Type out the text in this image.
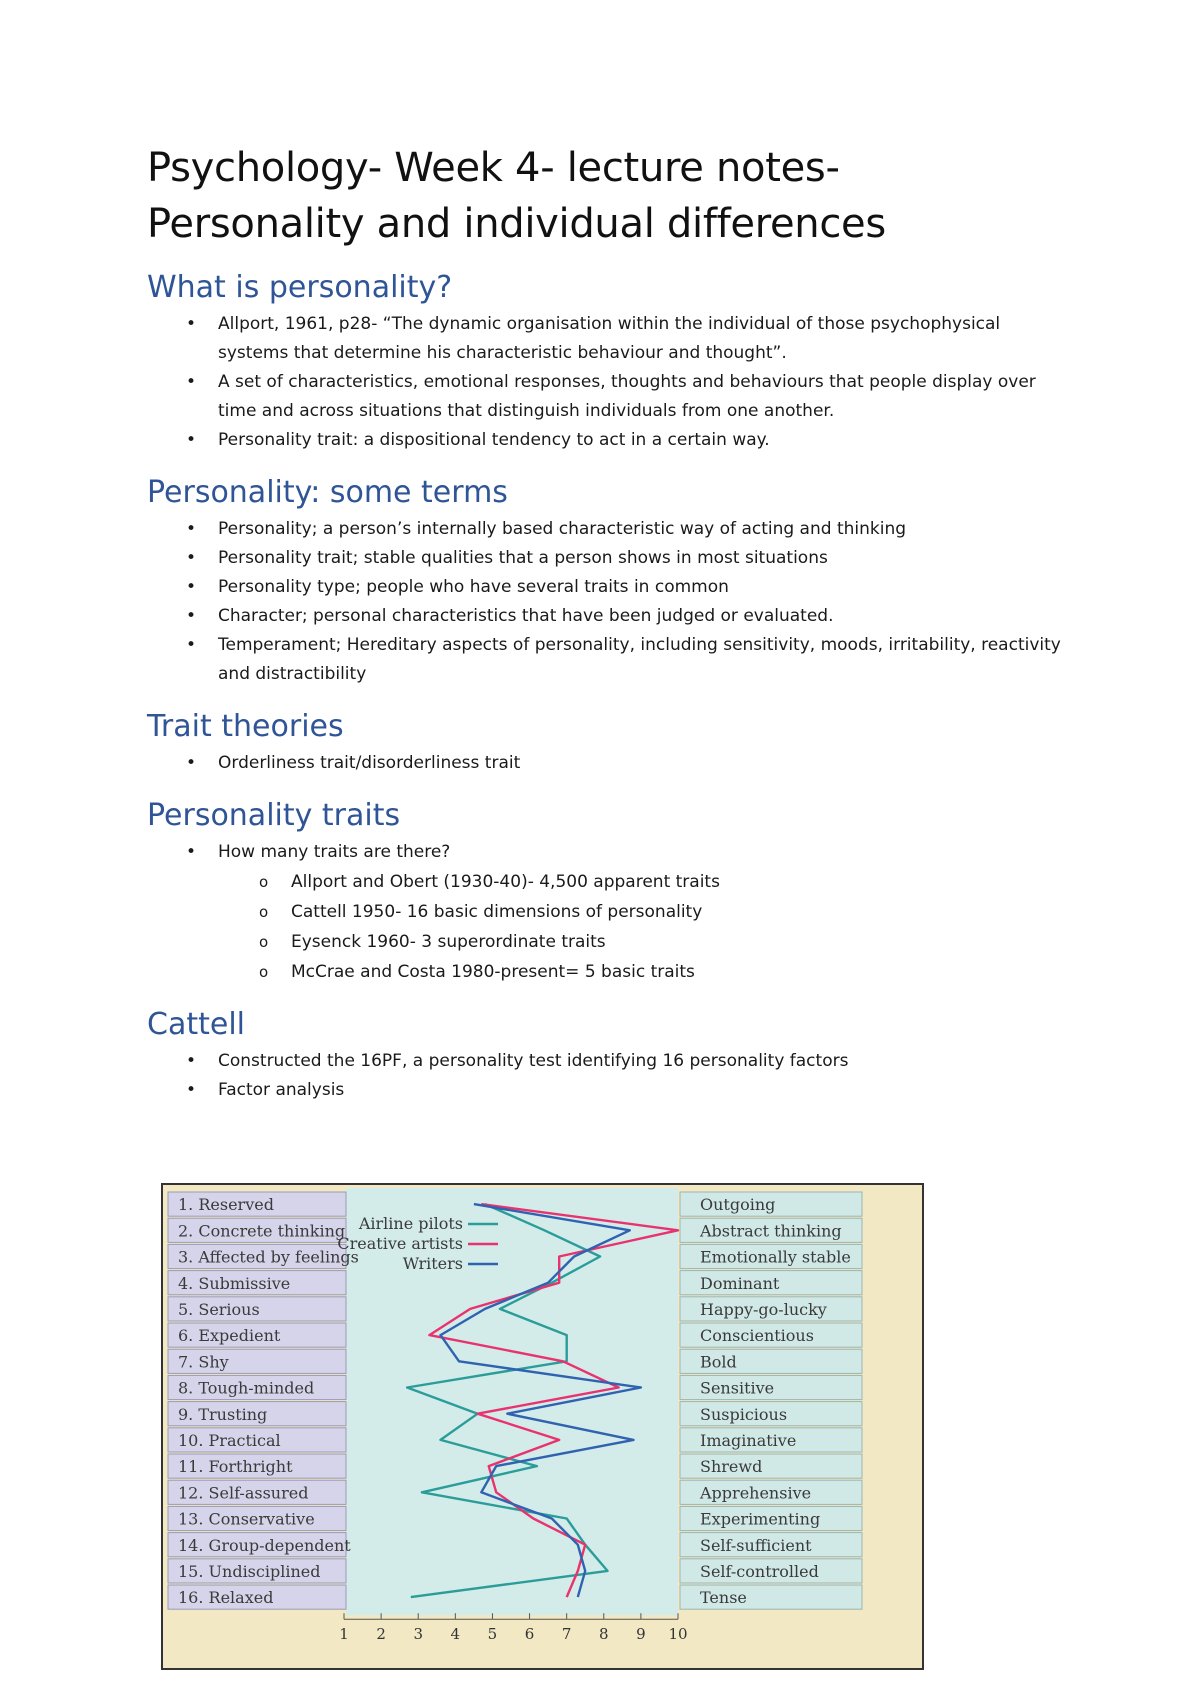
Psychology- Week 4- lecture notes-
Personality and individual differences
What is personality?
• Allport, 1961, p28- “The dynamic organisation within the individual of those psychophysical systems that determine his characteristic behaviour and thought”.
• A set of characteristics, emotional responses, thoughts and behaviours that people display over time and across situations that distinguish individuals from one another.
• Personality trait: a dispositional tendency to act in a certain way.
Personality: some terms
• Personality; a person’s internally based characteristic way of acting and thinking
• Personality trait; stable qualities that a person shows in most situations
• Personality type; people who have several traits in common
• Character; personal characteristics that have been judged or evaluated.
• Temperament; Hereditary aspects of personality, including sensitivity, moods, irritability, reactivity and distractibility
Trait theories
• Orderliness trait/disorderliness trait
Personality traits
• How many traits are there?
o Allport and Obert (1930-40)- 4,500 apparent traits
o Cattell 1950- 16 basic dimensions of personality
o Eysenck 1960- 3 superordinate traits
o McCrae and Costa 1980-present= 5 basic traits
Cattell
• Constructed the 16PF, a personality test identifying 16 personality factors
• Factor analysis
1. Reserved	Outgoing
2. Concrete thinking	Abstract thinking
3. Affected by feelings	Emotionally stable
4. Submissive	Dominant
5. Serious	Happy-go-lucky
6. Expedient	Conscientious
7. Shy	Bold
8. Tough-minded	Sensitive
9. Trusting	Suspicious
10. Practical	Imaginative
11. Forthright	Shrewd
12. Self-assured	Apprehensive
13. Conservative	Experimenting
14. Group-dependent	Self-sufficient
15. Undisciplined	Self-controlled
16. Relaxed	Tense
1 2 3 4 5 6 7 8 9 10
Airline pilots
Creative artists
Writers
